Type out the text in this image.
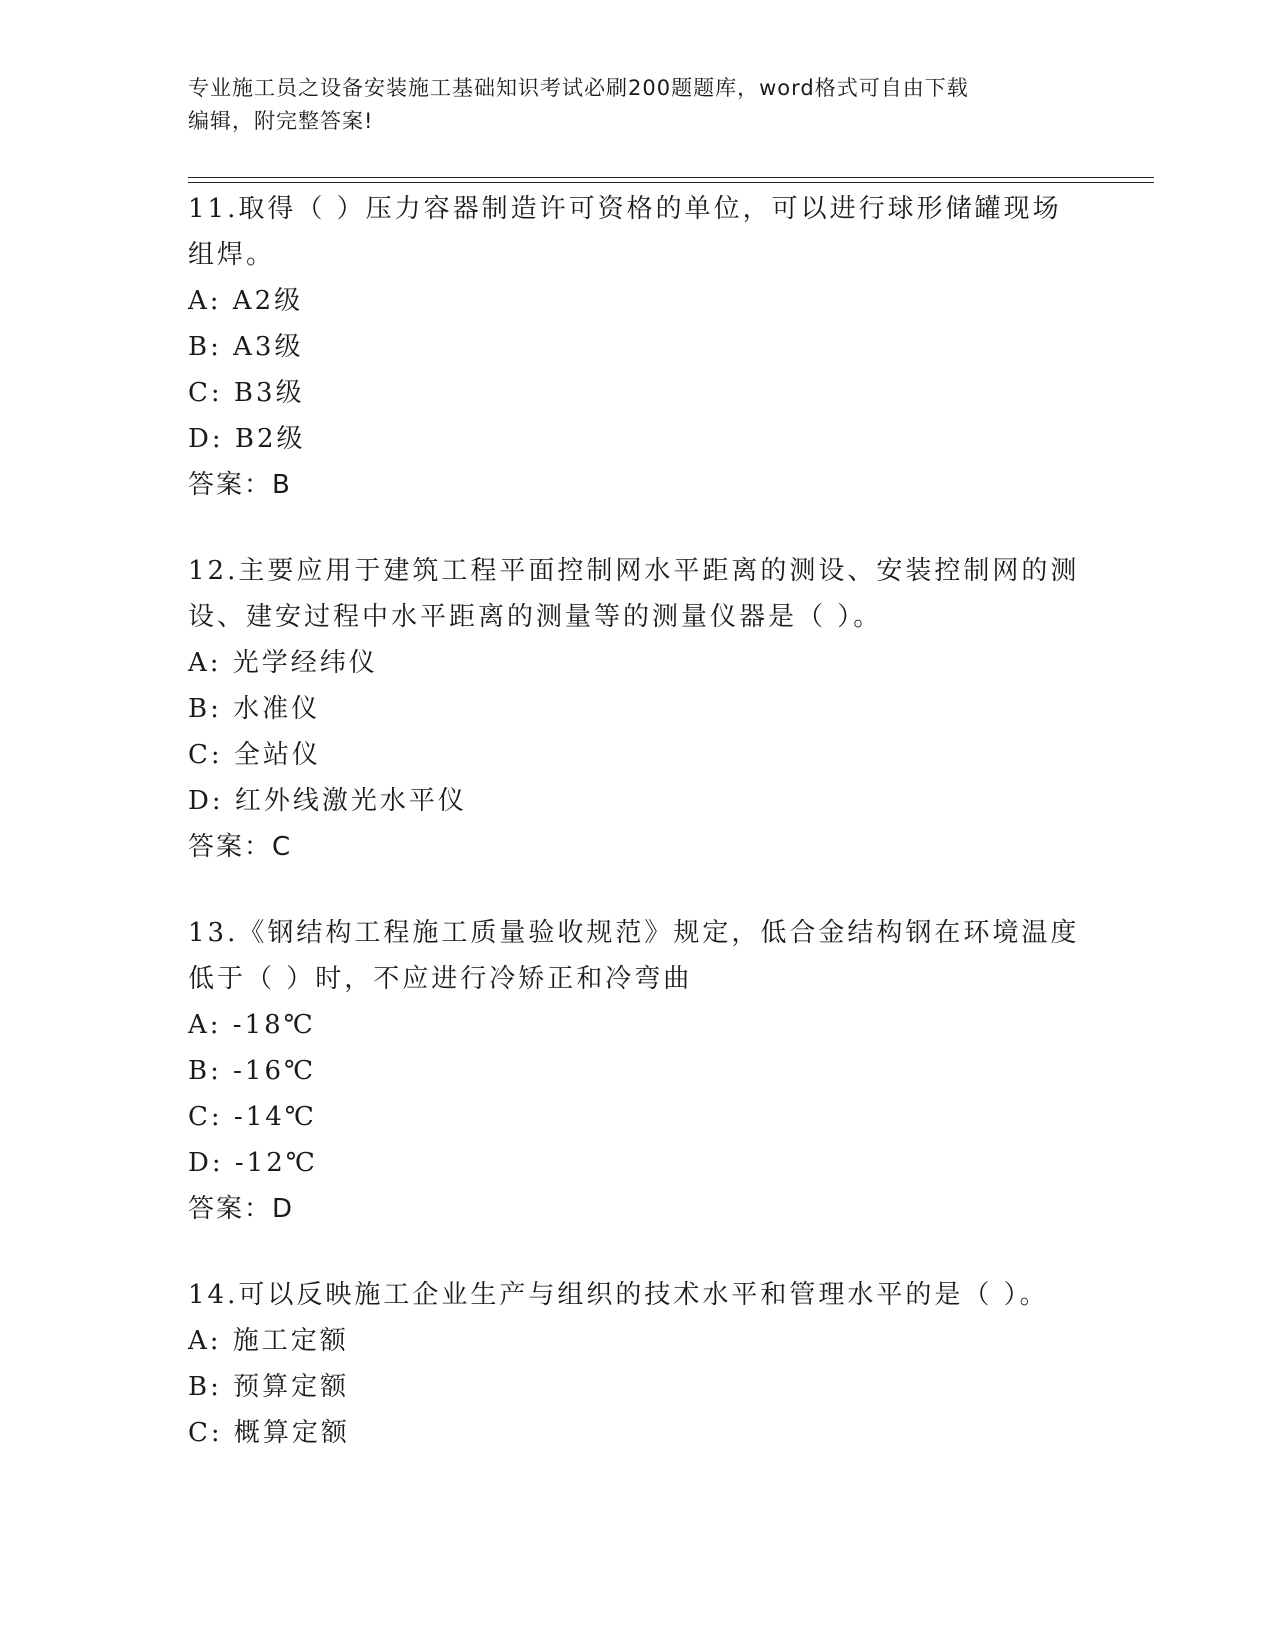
专业施工员之设备安装施工基础知识考试必刷200题题库，word格式可自由下载
编辑，附完整答案!
11.取得（ ）压力容器制造许可资格的单位，可以进行球形储罐现场
组焊。
A: A2级
B: A3级
C: B3级
D: B2级
答案：B
12.主要应用于建筑工程平面控制网水平距离的测设、安装控制网的测
设、建安过程中水平距离的测量等的测量仪器是（ ）。
A: 光学经纬仪
B: 水准仪
C: 全站仪
D: 红外线激光水平仪
答案：C
13.《钢结构工程施工质量验收规范》规定，低合金结构钢在环境温度
低于（ ）时，不应进行冷矫正和冷弯曲
A: -18℃
B: -16℃
C: -14℃
D: -12℃
答案：D
14.可以反映施工企业生产与组织的技术水平和管理水平的是（ ）。
A: 施工定额
B: 预算定额
C: 概算定额
